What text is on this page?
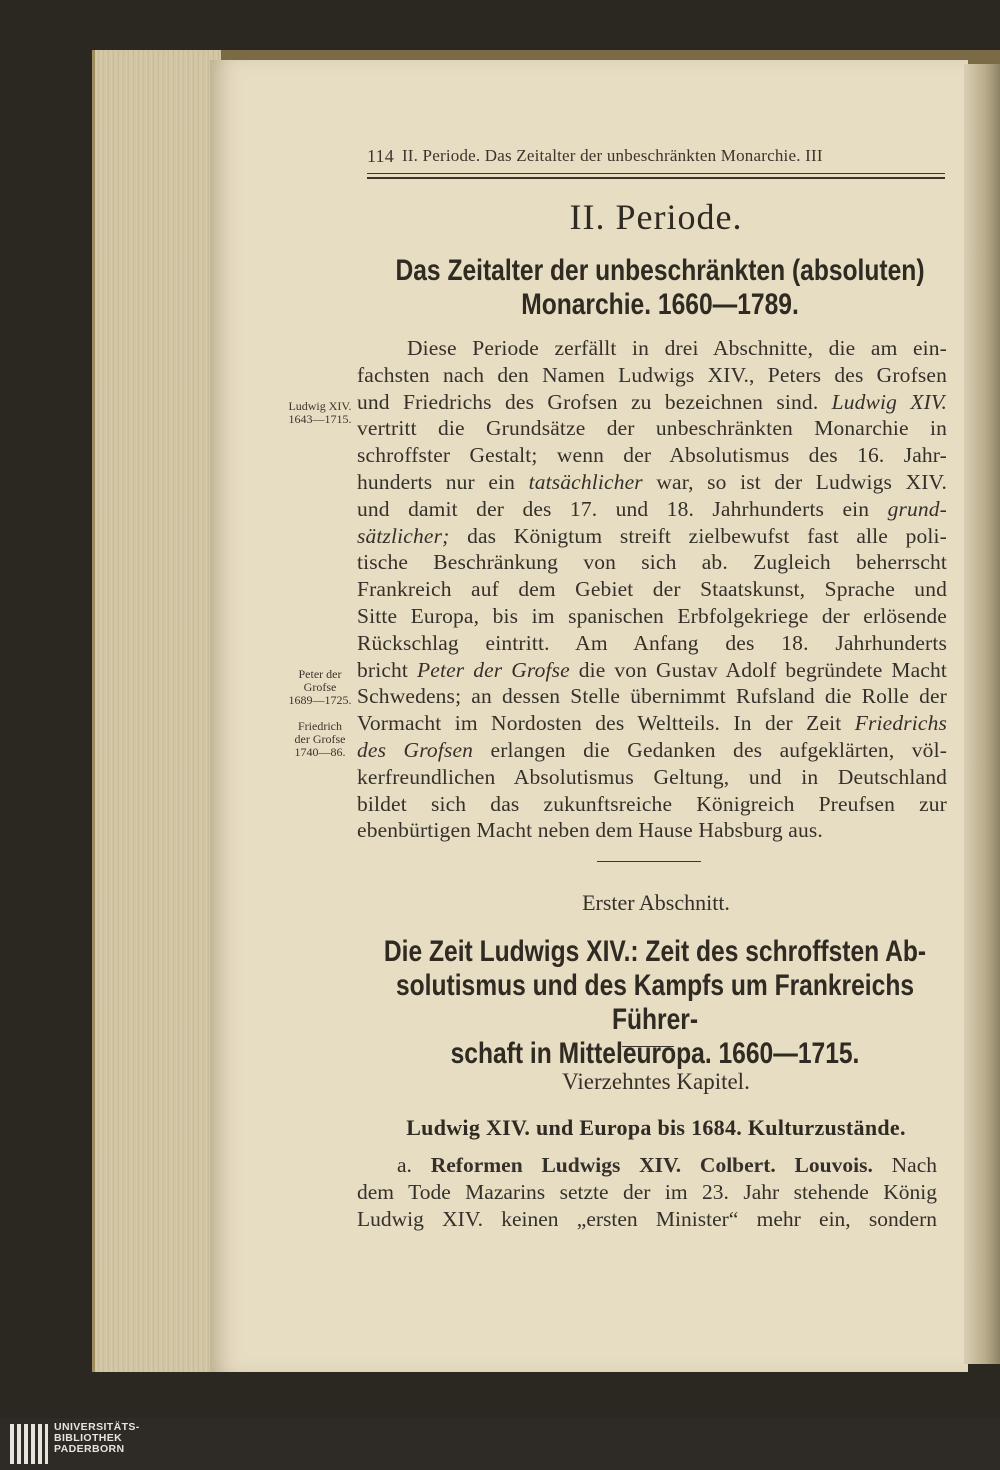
114 II. Periode. Das Zeitalter der unbeschränkten Monarchie. III
II. Periode.
Das Zeitalter der unbeschränkten (absoluten)
Monarchie. 1660—1789.
Diese Periode zerfällt in drei Abschnitte, die am ein-
fachsten nach den Namen Ludwigs XIV., Peters des Grofsen
und Friedrichs des Grofsen zu bezeichnen sind. Ludwig XIV.
vertritt die Grundsätze der unbeschränkten Monarchie in
schroffster Gestalt; wenn der Absolutismus des 16. Jahr-
hunderts nur ein tatsächlicher war, so ist der Ludwigs XIV.
und damit der des 17. und 18. Jahrhunderts ein grund-
sätzlicher; das Königtum streift zielbewufst fast alle poli-
tische Beschränkung von sich ab. Zugleich beherrscht
Frankreich auf dem Gebiet der Staatskunst, Sprache und
Sitte Europa, bis im spanischen Erbfolgekriege der erlösende
Rückschlag eintritt. Am Anfang des 18. Jahrhunderts
bricht Peter der Grofse die von Gustav Adolf begründete Macht
Schwedens; an dessen Stelle übernimmt Rufsland die Rolle der
Vormacht im Nordosten des Weltteils. In der Zeit Friedrichs
des Grofsen erlangen die Gedanken des aufgeklärten, völ-
kerfreundlichen Absolutismus Geltung, und in Deutschland
bildet sich das zukunftsreiche Königreich Preufsen zur
ebenbürtigen Macht neben dem Hause Habsburg aus.
Ludwig XIV.
1643—1715.
Peter der
Grofse
1689—1725.
Friedrich
der Grofse
1740—86.
Erster Abschnitt.
Die Zeit Ludwigs XIV.: Zeit des schroffsten Ab-
solutismus und des Kampfs um Frankreichs Führer-
schaft in Mitteleuropa. 1660—1715.
Vierzehntes Kapitel.
Ludwig XIV. und Europa bis 1684. Kulturzustände.
a. Reformen Ludwigs XIV. Colbert. Louvois. Nach
dem Tode Mazarins setzte der im 23. Jahr stehende König
Ludwig XIV. keinen „ersten Minister“ mehr ein, sondern
UNIVERSITÄTS-
BIBLIOTHEK
PADERBORN
